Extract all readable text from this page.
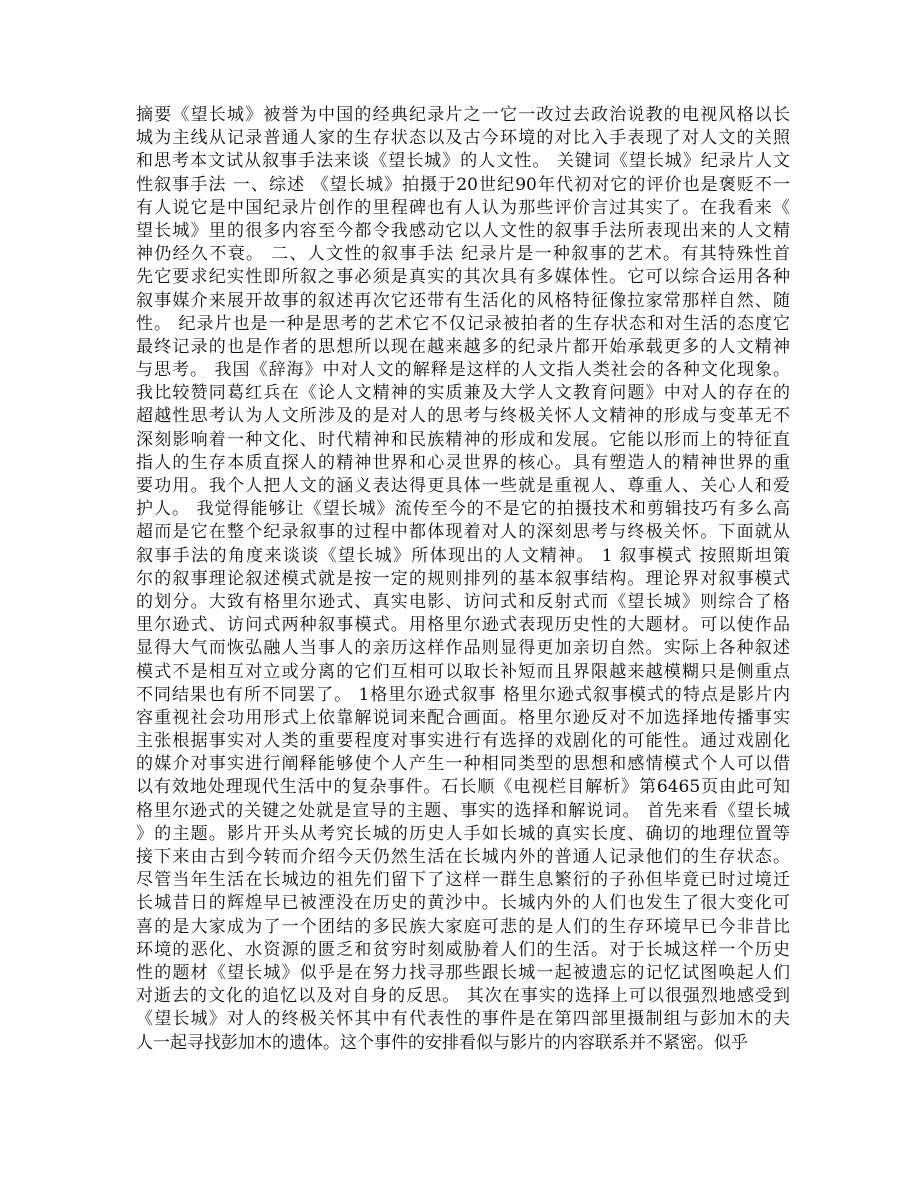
摘要《望长城》被誉为中国的经典纪录片之一它一改过去政治说教的电视风格以长
城为主线从记录普通人家的生存状态以及古今环境的对比入手表现了对人文的关照
和思考本文试从叙事手法来谈《望长城》的人文性。 关键词《望长城》纪录片人文
性叙事手法 一、综述 《望长城》拍摄于20世纪90年代初对它的评价也是褒贬不一
有人说它是中国纪录片创作的里程碑也有人认为那些评价言过其实了。在我看来《
望长城》里的很多内容至今都令我感动它以人文性的叙事手法所表现出来的人文精
神仍经久不衰。 二、人文性的叙事手法 纪录片是一种叙事的艺术。有其特殊性首
先它要求纪实性即所叙之事必须是真实的其次具有多媒体性。它可以综合运用各种
叙事媒介来展开故事的叙述再次它还带有生活化的风格特征像拉家常那样自然、随
性。 纪录片也是一种是思考的艺术它不仅记录被拍者的生存状态和对生活的态度它
最终记录的也是作者的思想所以现在越来越多的纪录片都开始承载更多的人文精神
与思考。 我国《辞海》中对人文的解释是这样的人文指人类社会的各种文化现象。
我比较赞同葛红兵在《论人文精神的实质兼及大学人文教育问题》中对人的存在的
超越性思考认为人文所涉及的是对人的思考与终极关怀人文精神的形成与变革无不
深刻影响着一种文化、时代精神和民族精神的形成和发展。它能以形而上的特征直
指人的生存本质直探人的精神世界和心灵世界的核心。具有塑造人的精神世界的重
要功用。我个人把人文的涵义表达得更具体一些就是重视人、尊重人、关心人和爱
护人。 我觉得能够让《望长城》流传至今的不是它的拍摄技术和剪辑技巧有多么高
超而是它在整个纪录叙事的过程中都体现着对人的深刻思考与终极关怀。下面就从
叙事手法的角度来谈谈《望长城》所体现出的人文精神。 1 叙事模式 按照斯坦策
尔的叙事理论叙述模式就是按一定的规则排列的基本叙事结构。理论界对叙事模式
的划分。大致有格里尔逊式、真实电影、访问式和反射式而《望长城》则综合了格
里尔逊式、访问式两种叙事模式。用格里尔逊式表现历史性的大题材。可以使作品
显得大气而恢弘融人当事人的亲历这样作品则显得更加亲切自然。实际上各种叙述
模式不是相互对立或分离的它们互相可以取长补短而且界限越来越模糊只是侧重点
不同结果也有所不同罢了。 1格里尔逊式叙事 格里尔逊式叙事模式的特点是影片内
容重视社会功用形式上依靠解说词来配合画面。格里尔逊反对不加选择地传播事实
主张根据事实对人类的重要程度对事实进行有选择的戏剧化的可能性。通过戏剧化
的媒介对事实进行阐释能够使个人产生一种相同类型的思想和感情模式个人可以借
以有效地处理现代生活中的复杂事件。石长顺《电视栏目解析》第6465页由此可知
格里尔逊式的关键之处就是宣导的主题、事实的选择和解说词。 首先来看《望长城
》的主题。影片开头从考究长城的历史人手如长城的真实长度、确切的地理位置等
接下来由古到今转而介绍今天仍然生活在长城内外的普通人记录他们的生存状态。
尽管当年生活在长城边的祖先们留下了这样一群生息繁衍的子孙但毕竟已时过境迁
长城昔日的辉煌早已被湮没在历史的黄沙中。长城内外的人们也发生了很大变化可
喜的是大家成为了一个团结的多民族大家庭可悲的是人们的生存环境早已今非昔比
环境的恶化、水资源的匮乏和贫穷时刻威胁着人们的生活。对于长城这样一个历史
性的题材《望长城》似乎是在努力找寻那些跟长城一起被遗忘的记忆试图唤起人们
对逝去的文化的追忆以及对自身的反思。 其次在事实的选择上可以很强烈地感受到
《望长城》对人的终极关怀其中有代表性的事件是在第四部里摄制组与彭加木的夫
人一起寻找彭加木的遗体。这个事件的安排看似与影片的内容联系并不紧密。似乎
